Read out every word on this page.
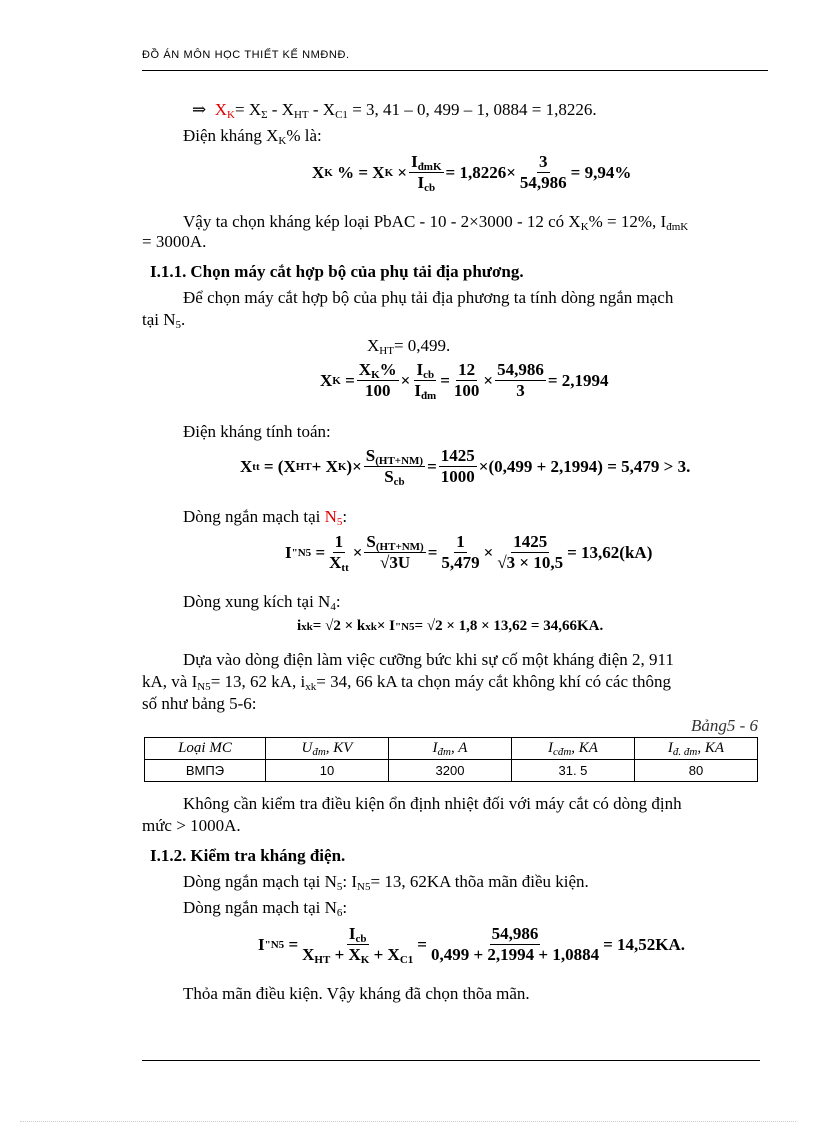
ĐỒ ÁN MÔN HỌC THIẾT KẾ NMĐNĐ.
⇒ $X_K= X_\Sigma - X_{HT} - X_{C1} = 3$, 41 – 0, 499 – 1, 0884 = 1,8226.
Điện kháng $X_K\%$ là:
X K
% = X K
× $\frac{I_{đmK}}{I_{cb}} = 1,8226\times \frac{3}{54,986} = 9,94\%$
Vậy ta chọn kháng kép loại PbAC - 10 - 2×3000 - 12 có $X_K\% = 12\%$, $I_{đmK}$
= 3000A.
I.1.1. Chọn máy cắt hợp bộ của phụ tải địa phương.
Để chọn máy cắt hợp bộ của phụ tải địa phương ta tính dòng ngắn mạch
tại $N_5$.
$X_{HT}= 0,499$.
X $K = \frac{X_K\%}{100} \times \frac{I_{cb}}{I_{đm}} = \frac{12}{100} \times \frac{54,986}{3} = 2,1994$
Điện kháng tính toán:
X tt
= (X HT + X K )× $\frac{S_{(HT+NM)}}{S_{cb}} = \frac{1425}{1000} \times(0,499 + 2,1994) = 5,479 > 3$.
Dòng ngắn mạch tại $N_5$:
I " $N5 = \frac{1}{X_{tt}} \times \frac{S_{(HT+NM)}}{√3U} = \frac{1}{5,479} \times \frac{1425}{√3 \times 10,5} = 13,62(kA)$
Dòng xung kích tại $N_4$:
i xk = √2 × k xk × I " N5 = √2 × 1,8 × 13,62 = 34,66KA.
Dựa vào dòng điện làm việc cưỡng bức khi sự cố một kháng điện 2, 911
kA, và $I_{N5}= 13$, 62 kA, $i_{xk}= 34$, 66 kA ta chọn máy cắt không khí có các thông
số như bảng 5-6:
Bảng5 - 6
Loại MC	$U_{đm}$, KV	$I_{đm}$, A	$I_{cđm}$, KA	$I_{đ. đm}$, KA
BMПЭ	10	3200	31. 5	80
Không cần kiểm tra điều kiện ổn định nhiệt đối với máy cắt có dòng định
mức > 1000A.
I.1.2. Kiểm tra kháng điện.
Dòng ngắn mạch tại $N_5$: $I_{N5}= 13$, 62KA thõa mãn điều kiện.
Dòng ngắn mạch tại $N_6$:
I " $N5 = \frac{I_{cb}}{X_{HT} + X_K + X_{C1}} = \frac{54,986}{0,499 + 2,1994 + 1,0884} = 14,52KA$.
Thỏa mãn điều kiện. Vậy kháng đã chọn thõa mãn.
